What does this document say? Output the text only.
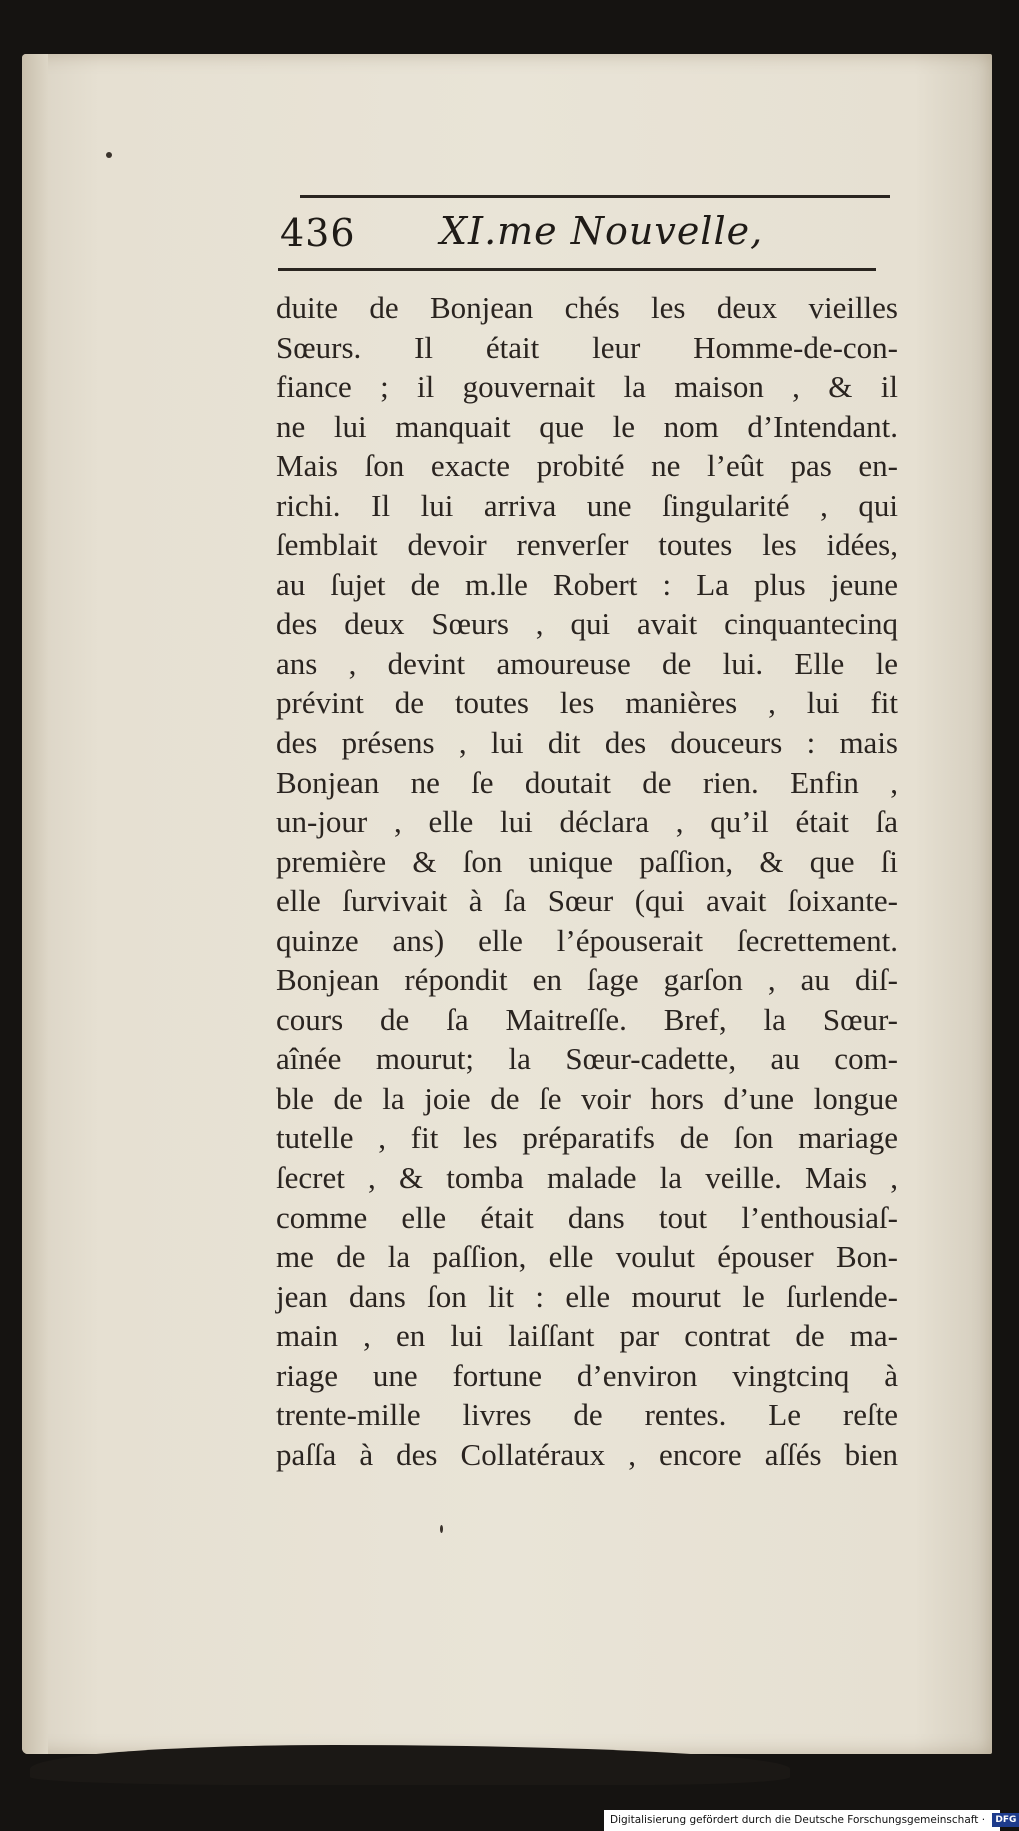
436 XI.me Nouvelle,
duite de Bonjean chés les deux vieilles
Sœurs. Il était leur Homme-de-con-
fiance ; il gouvernait la maison , & il
ne lui manquait que le nom d’Intendant.
Mais ſon exacte probité ne l’eût pas en-
richi. Il lui arriva une ſingularité , qui
ſemblait devoir renverſer toutes les idées,
au ſujet de m.lle Robert : La plus jeune
des deux Sœurs , qui avait cinquantecinq
ans , devint amoureuse de lui. Elle le
prévint de toutes les manières , lui fit
des présens , lui dit des douceurs : mais
Bonjean ne ſe doutait de rien. Enfin ,
un-jour , elle lui déclara , qu’il était ſa
première & ſon unique paſſion, & que ſi
elle ſurvivait à ſa Sœur (qui avait ſoixante-
quinze ans) elle l’épouserait ſecrettement.
Bonjean répondit en ſage garſon , au diſ-
cours de ſa Maitreſſe. Bref, la Sœur-
aînée mourut; la Sœur-cadette, au com-
ble de la joie de ſe voir hors d’une longue
tutelle , fit les préparatifs de ſon mariage
ſecret , & tomba malade la veille. Mais ,
comme elle était dans tout l’enthousiaſ-
me de la paſſion, elle voulut épouser Bon-
jean dans ſon lit : elle mourut le ſurlende-
main , en lui laiſſant par contrat de ma-
riage une fortune d’environ vingtcinq à
trente-mille livres de rentes. Le reſte
paſſa à des Collatéraux , encore aſſés bien
Digitalisierung gefördert durch die Deutsche Forschungsgemeinschaft · DFG
